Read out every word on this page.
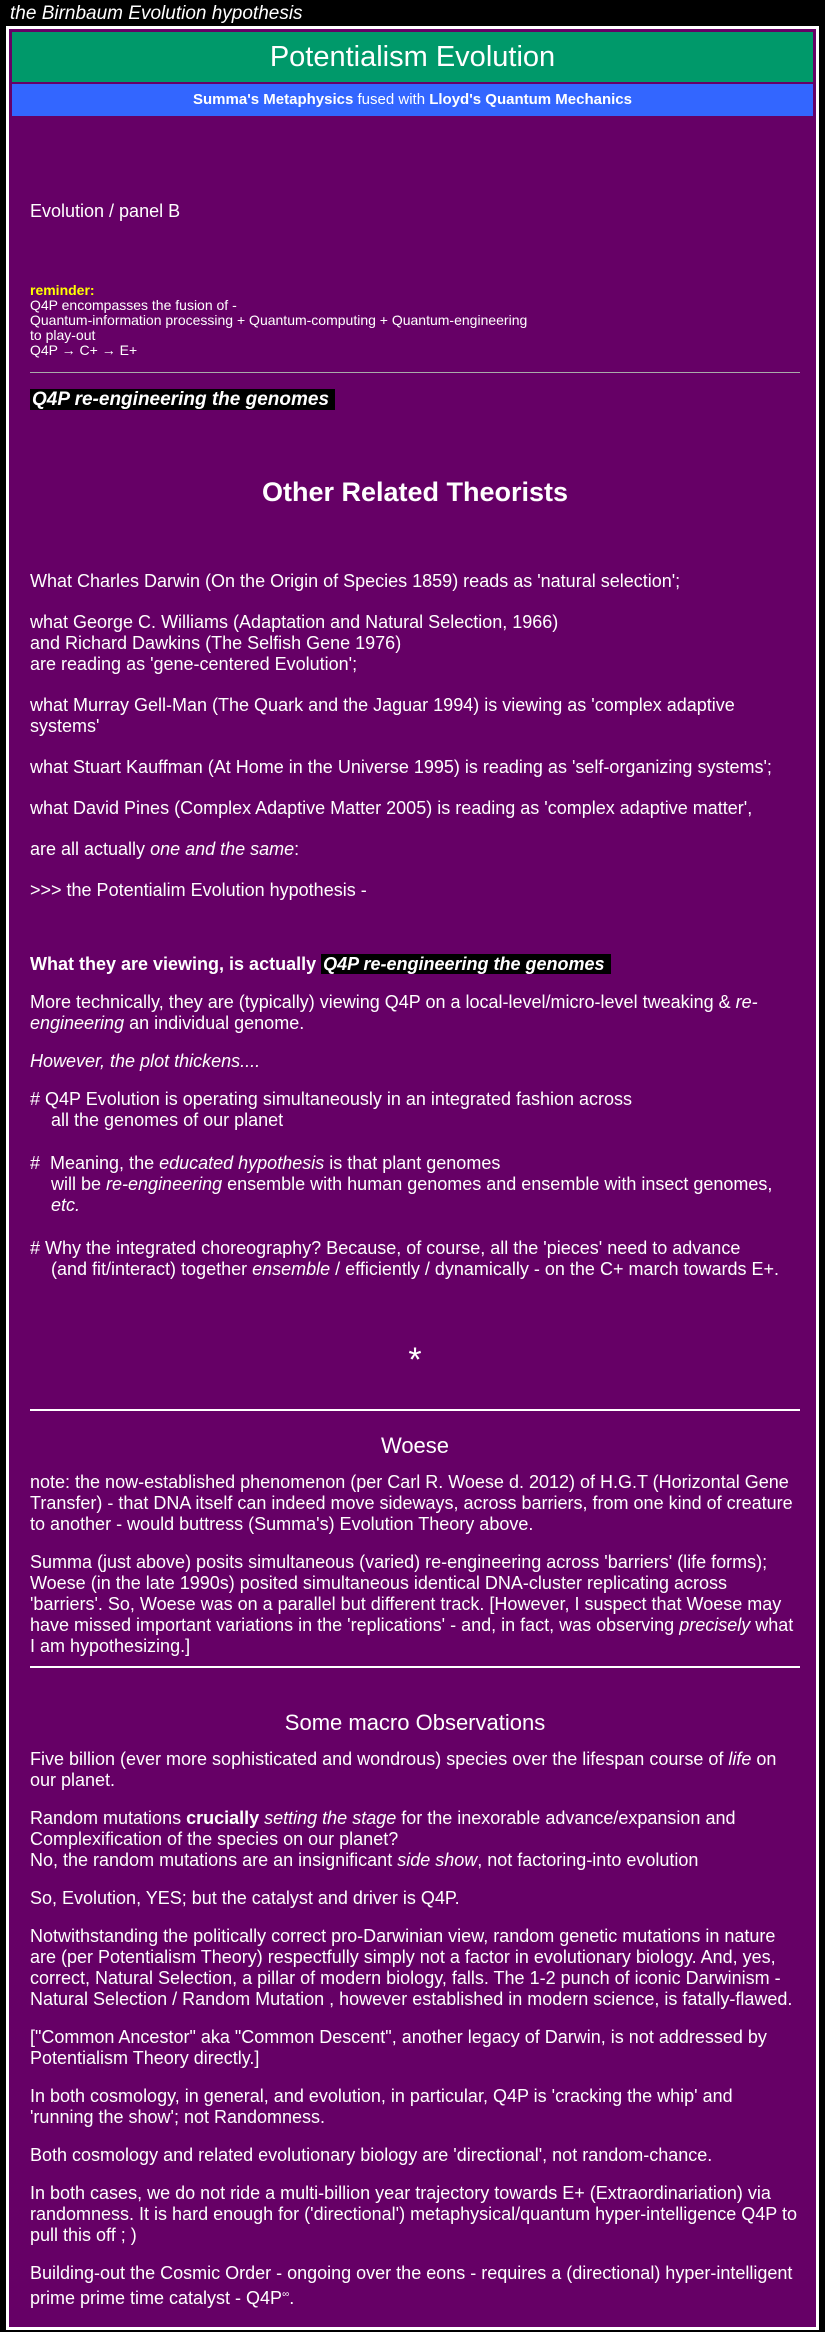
the Birnbaum Evolution hypothesis
Potentialism Evolution
Summa's Metaphysics fused with Lloyd's Quantum Mechanics

Evolution / panel B

reminder:
Q4P encompasses the fusion of -
Quantum-information processing + Quantum-computing + Quantum-engineering
to play-out
Q4P → C+ → E+

Q4P re-engineering the genomes

Other Related Theorists

What Charles Darwin (On the Origin of Species 1859) reads as 'natural selection';

what George C. Williams (Adaptation and Natural Selection, 1966)

and Richard Dawkins (The Selfish Gene 1976)

are reading as 'gene-centered Evolution';

what Murray Gell-Man (The Quark and the Jaguar 1994) is viewing as 'complex adaptive systems'

what Stuart Kauffman (At Home in the Universe 1995) is reading as 'self-organizing systems';

what David Pines (Complex Adaptive Matter 2005) is reading as 'complex adaptive matter',

are all actually one and the same:

>>> the Potentialim Evolution hypothesis -

What they are viewing, is actually Q4P re-engineering the genomes

More technically, they are (typically) viewing Q4P on a local-level/micro-level tweaking & re-engineering an individual genome.

However, the plot thickens....

# Q4P Evolution is operating simultaneously in an integrated fashion across
all the genomes of our planet
#  Meaning, the educated hypothesis is that plant genomes
will be re-engineering ensemble with human genomes and ensemble with insect genomes, etc.
# Why the integrated choreography? Because, of course, all the 'pieces' need to advance
(and fit/interact) together ensemble / efficiently / dynamically - on the C+ march towards E+.
*
Woese

note: the now-established phenomenon (per Carl R. Woese d. 2012) of H.G.T (Horizontal Gene Transfer) - that DNA itself can indeed move sideways, across barriers, from one kind of creature to another - would buttress (Summa's) Evolution Theory above.

Summa (just above) posits simultaneous (varied) re-engineering across 'barriers' (life forms); Woese (in the late 1990s) posited simultaneous identical DNA-cluster replicating across 'barriers'. So, Woese was on a parallel but different track. [However, I suspect that Woese may have missed important variations in the 'replications' - and, in fact, was observing precisely what I am hypothesizing.]

Some macro Observations

Five billion (ever more sophisticated and wondrous) species over the lifespan course of life on our planet.

Random mutations crucially setting the stage for the inexorable advance/expansion and Complexification of the species on our planet?
No, the random mutations are an insignificant side show, not factoring-into evolution

So, Evolution, YES; but the catalyst and driver is Q4P.

Notwithstanding the politically correct pro-Darwinian view, random genetic mutations in nature are (per Potentialism Theory) respectfully simply not a factor in evolutionary biology. And, yes, correct, Natural Selection, a pillar of modern biology, falls. The 1-2 punch of iconic Darwinism - Natural Selection / Random Mutation , however established in modern science, is fatally-flawed.

["Common Ancestor" aka "Common Descent", another legacy of Darwin, is not addressed by Potentialism Theory directly.]

In both cosmology, in general, and evolution, in particular, Q4P is 'cracking the whip' and 'running the show'; not Randomness.

Both cosmology and related evolutionary biology are 'directional', not random-chance.

In both cases, we do not ride a multi-billion year trajectory towards E+ (Extraordinariation) via randomness. It is hard enough for ('directional') metaphysical/quantum hyper-intelligence Q4P to pull this off ; )

Building-out the Cosmic Order - ongoing over the eons - requires a (directional) hyper-intelligent prime prime time catalyst - Q4P∞.
